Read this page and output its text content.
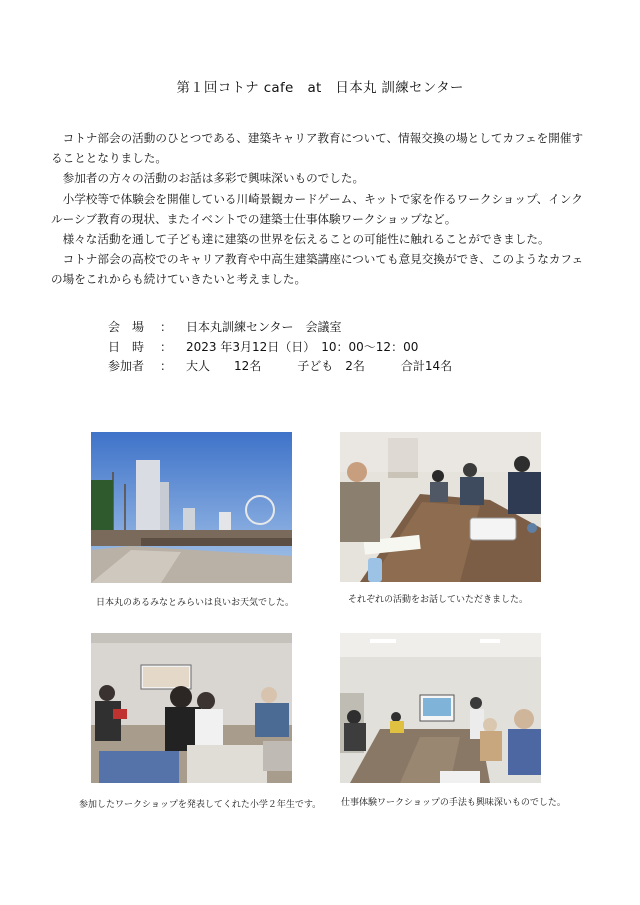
第１回コトナ cafe　at　日本丸 訓練センター

コトナ部会の活動のひとつである、建築キャリア教育について、情報交換の場としてカフェを開催することとなりました。

参加者の方々の活動のお話は多彩で興味深いものでした。

小学校等で体験会を開催している川崎景観カードゲーム、キットで家を作るワークショップ、インクルーシブ教育の現状、またイベントでの建築士仕事体験ワークショップなど。

様々な活動を通して子ども達に建築の世界を伝えることの可能性に触れることができました。

コトナ部会の高校でのキャリア教育や中高生建築講座についても意見交換ができ、このようなカフェの場をこれからも続けていきたいと考えました。

会　場	：	日本丸訓練センター　会議室
日　時	：	2023 年3月12日（日）　10：00～12：00
参加者	：	大人　　12名　　　子ども　2名　　　合計14名
日本丸のあるみなとみらいは良いお天気でした。	それぞれの活動をお話していただきました。
参加したワークショップを発表してくれた小学２年生です。 仕事体験ワークショップの手法も興味深いものでした。
